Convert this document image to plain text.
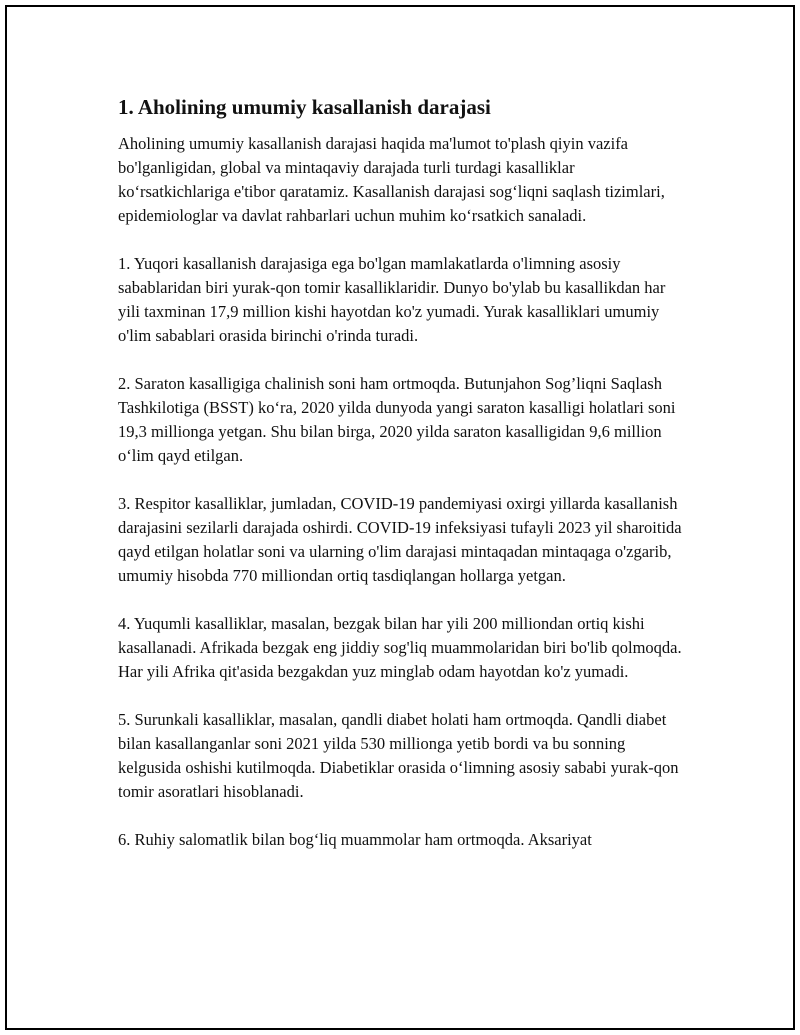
1. Aholining umumiy kasallanish darajasi

Aholining umumiy kasallanish darajasi haqida ma'lumot to'plash qiyin vazifa bo'lganligidan, global va mintaqaviy darajada turli turdagi kasalliklar ko‘rsatkichlariga e'tibor qaratamiz. Kasallanish darajasi sog‘liqni saqlash tizimlari, epidemiologlar va davlat rahbarlari uchun muhim ko‘rsatkich sanaladi.

1. Yuqori kasallanish darajasiga ega bo'lgan mamlakatlarda o'limning asosiy sabablaridan biri yurak-qon tomir kasalliklaridir. Dunyo bo'ylab bu kasallikdan har yili taxminan 17,9 million kishi hayotdan ko'z yumadi. Yurak kasalliklari umumiy o'lim sabablari orasida birinchi o'rinda turadi.

2. Saraton kasalligiga chalinish soni ham ortmoqda. Butunjahon Sog’liqni Saqlash Tashkilotiga (BSST) ko‘ra, 2020 yilda dunyoda yangi saraton kasalligi holatlari soni 19,3 millionga yetgan. Shu bilan birga, 2020 yilda saraton kasalligidan 9,6 million o‘lim qayd etilgan.

3. Respitor kasalliklar, jumladan, COVID-19 pandemiyasi oxirgi yillarda kasallanish darajasini sezilarli darajada oshirdi. COVID-19 infeksiyasi tufayli 2023 yil sharoitida qayd etilgan holatlar soni va ularning o'lim darajasi mintaqadan mintaqaga o'zgarib, umumiy hisobda 770 milliondan ortiq tasdiqlangan hollarga yetgan.

4. Yuqumli kasalliklar, masalan, bezgak bilan har yili 200 milliondan ortiq kishi kasallanadi. Afrikada bezgak eng jiddiy sog'liq muammolaridan biri bo'lib qolmoqda. Har yili Afrika qit'asida bezgakdan yuz minglab odam hayotdan ko'z yumadi.

5. Surunkali kasalliklar, masalan, qandli diabet holati ham ortmoqda. Qandli diabet bilan kasallanganlar soni 2021 yilda 530 millionga yetib bordi va bu sonning kelgusida oshishi kutilmoqda. Diabetiklar orasida o‘limning asosiy sababi yurak-qon tomir asoratlari hisoblanadi.

6. Ruhiy salomatlik bilan bog‘liq muammolar ham ortmoqda. Aksariyat
